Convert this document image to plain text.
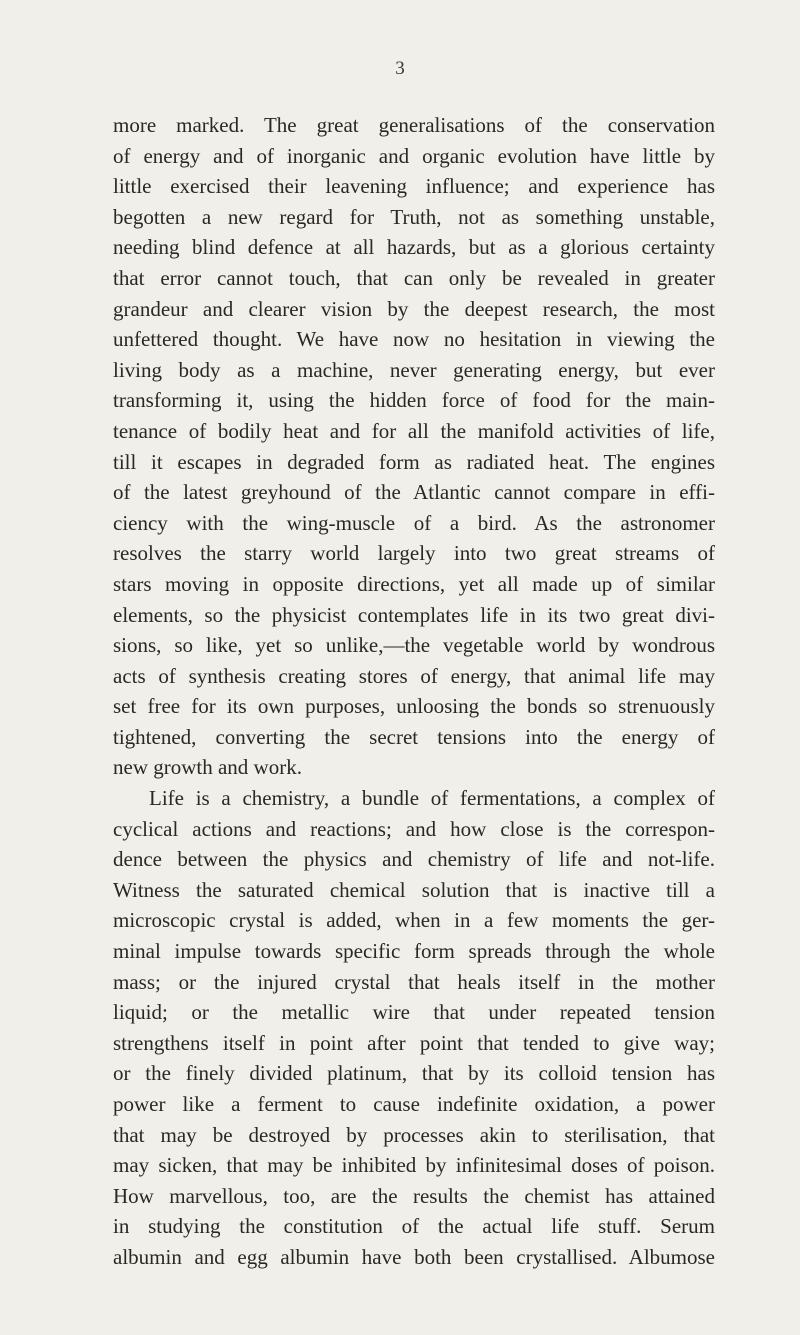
3
more marked. The great generalisations of the conservation
of energy and of inorganic and organic evolution have little by
little exercised their leavening influence; and experience has
begotten a new regard for Truth, not as something unstable,
needing blind defence at all hazards, but as a glorious certainty
that error cannot touch, that can only be revealed in greater
grandeur and clearer vision by the deepest research, the most
unfettered thought. We have now no hesitation in viewing the
living body as a machine, never generating energy, but ever
transforming it, using the hidden force of food for the main-
tenance of bodily heat and for all the manifold activities of life,
till it escapes in degraded form as radiated heat. The engines
of the latest greyhound of the Atlantic cannot compare in effi-
ciency with the wing-muscle of a bird. As the astronomer
resolves the starry world largely into two great streams of
stars moving in opposite directions, yet all made up of similar
elements, so the physicist contemplates life in its two great divi-
sions, so like, yet so unlike,—the vegetable world by wondrous
acts of synthesis creating stores of energy, that animal life may
set free for its own purposes, unloosing the bonds so strenuously
tightened, converting the secret tensions into the energy of
new growth and work.
Life is a chemistry, a bundle of fermentations, a complex of
cyclical actions and reactions; and how close is the correspon-
dence between the physics and chemistry of life and not-life.
Witness the saturated chemical solution that is inactive till a
microscopic crystal is added, when in a few moments the ger-
minal impulse towards specific form spreads through the whole
mass; or the injured crystal that heals itself in the mother
liquid; or the metallic wire that under repeated tension
strengthens itself in point after point that tended to give way;
or the finely divided platinum, that by its colloid tension has
power like a ferment to cause indefinite oxidation, a power
that may be destroyed by processes akin to sterilisation, that
may sicken, that may be inhibited by infinitesimal doses of poison.
How marvellous, too, are the results the chemist has attained
in studying the constitution of the actual life stuff. Serum
albumin and egg albumin have both been crystallised. Albumose
